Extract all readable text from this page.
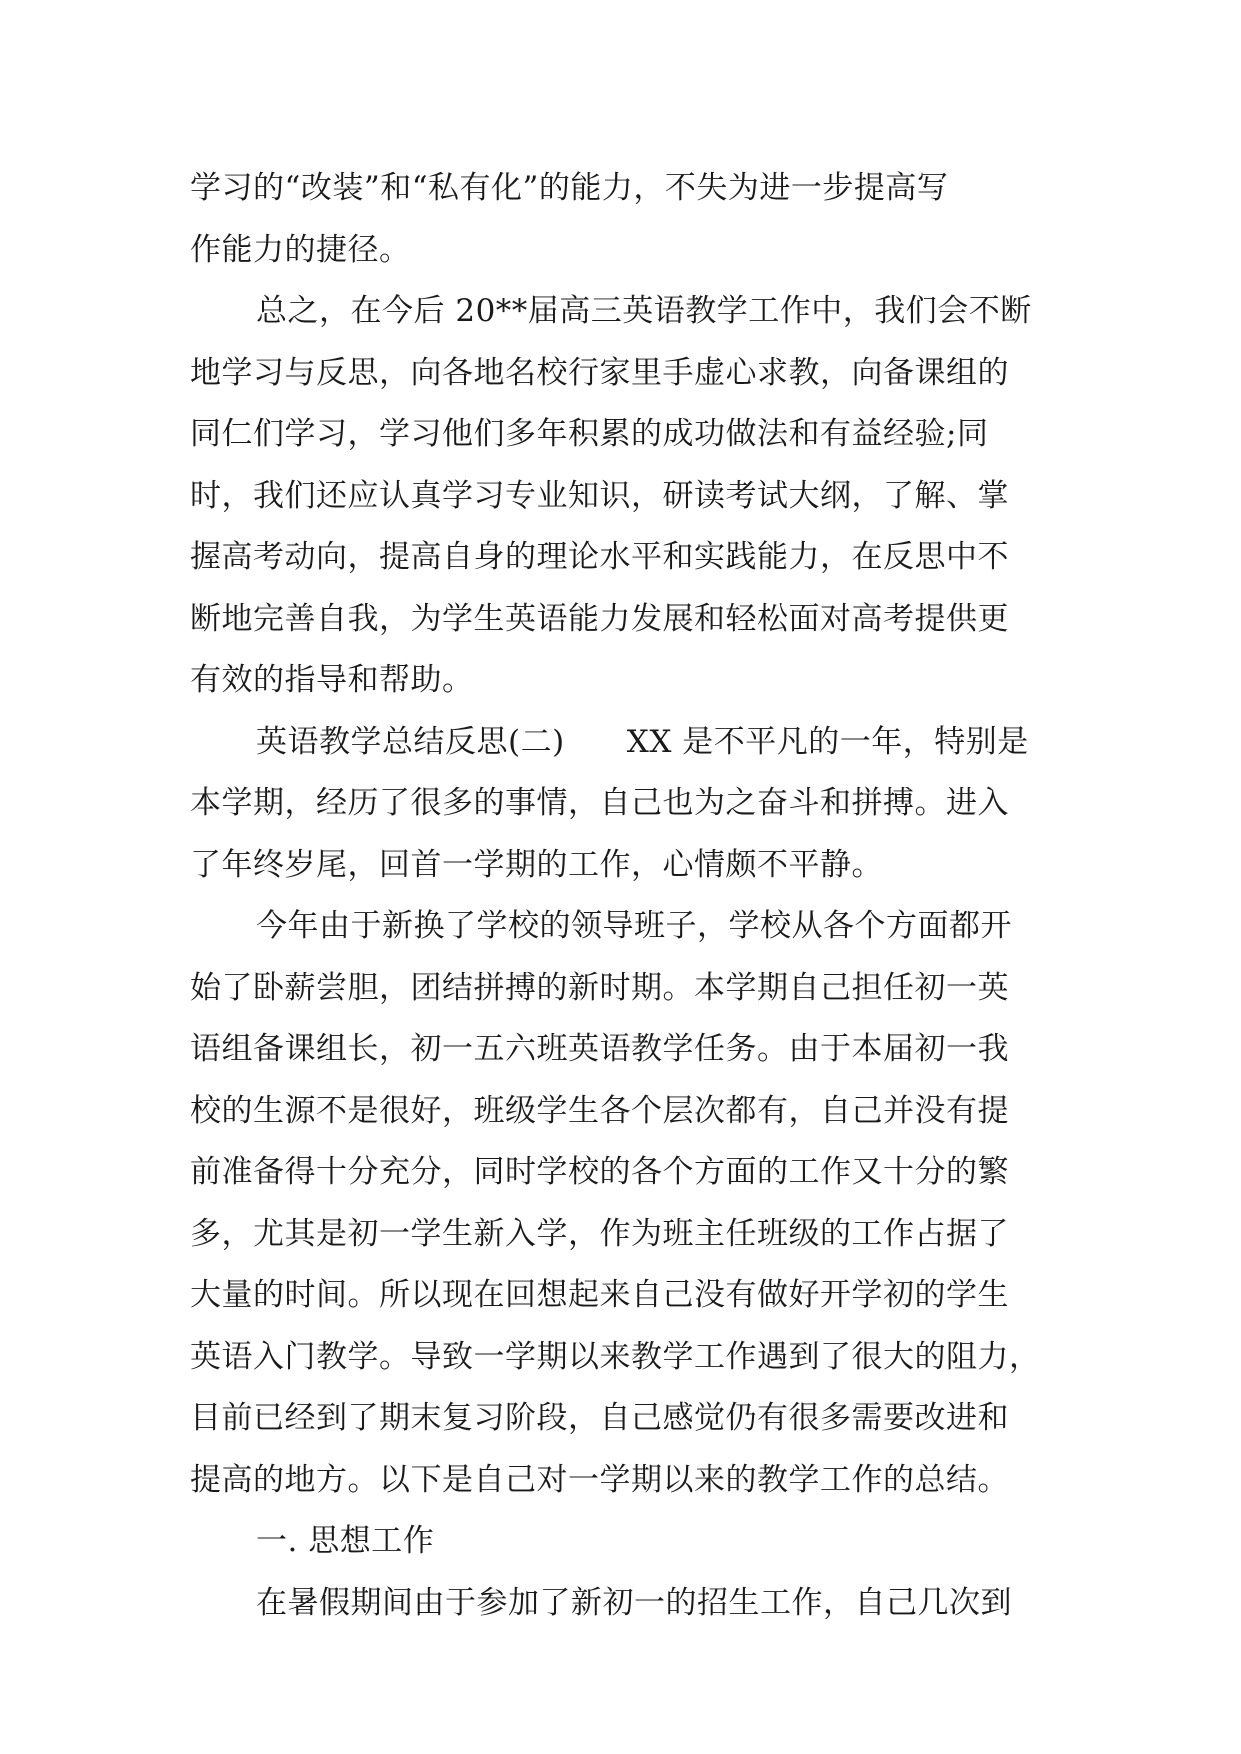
学习的“改装”和“私有化”的能力，不失为进一步提高写
作能力的捷径。
总之，在今后 20**届高三英语教学工作中，我们会不断
地学习与反思，向各地名校行家里手虚心求教，向备课组的
同仁们学习，学习他们多年积累的成功做法和有益经验;同
时，我们还应认真学习专业知识，研读考试大纲，了解、掌
握高考动向，提高自身的理论水平和实践能力，在反思中不
断地完善自我，为学生英语能力发展和轻松面对高考提供更
有效的指导和帮助。
英语教学总结反思(二)      XX 是不平凡的一年，特别是
本学期，经历了很多的事情，自己也为之奋斗和拼搏。进入
了年终岁尾，回首一学期的工作，心情颇不平静。
今年由于新换了学校的领导班子，学校从各个方面都开
始了卧薪尝胆，团结拼搏的新时期。本学期自己担任初一英
语组备课组长，初一五六班英语教学任务。由于本届初一我
校的生源不是很好，班级学生各个层次都有，自己并没有提
前准备得十分充分，同时学校的各个方面的工作又十分的繁
多，尤其是初一学生新入学，作为班主任班级的工作占据了
大量的时间。所以现在回想起来自己没有做好开学初的学生
英语入门教学。导致一学期以来教学工作遇到了很大的阻力，
目前已经到了期末复习阶段，自己感觉仍有很多需要改进和
提高的地方。以下是自己对一学期以来的教学工作的总结。
一. 思想工作
在暑假期间由于参加了新初一的招生工作，自己几次到
